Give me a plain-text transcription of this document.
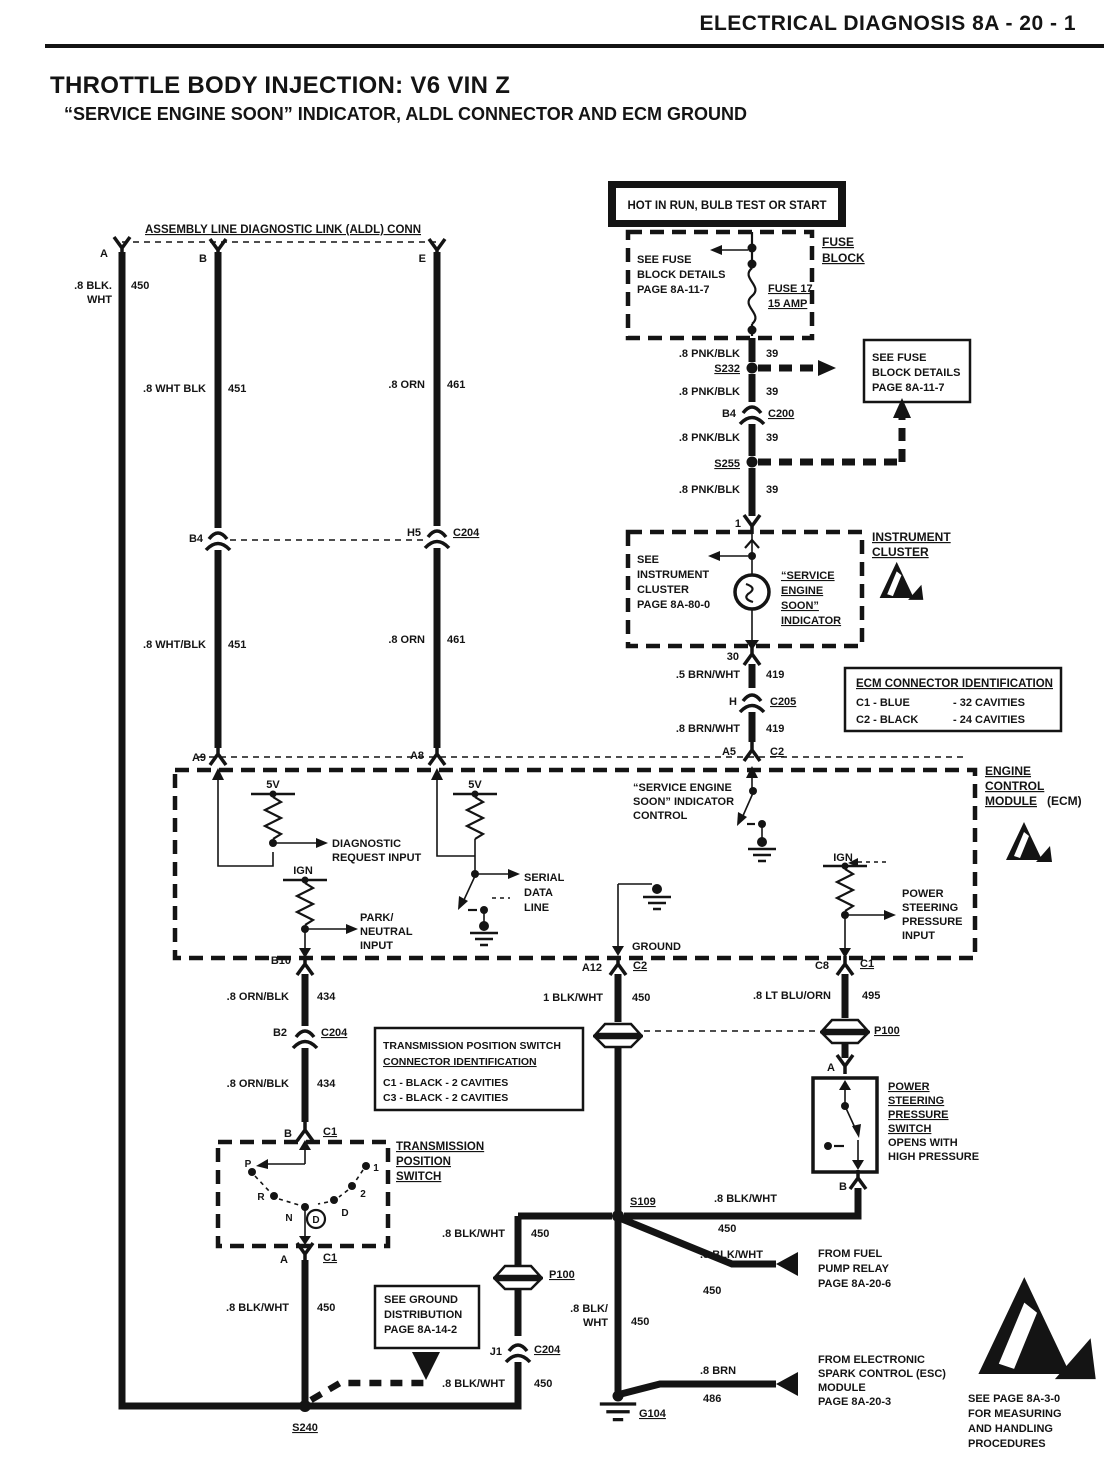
ELECTRICAL DIAGNOSIS 8A - 20 - 1
THROTTLE BODY INJECTION: V6 VIN Z
“SERVICE ENGINE SOON” INDICATOR, ALDL CONNECTOR AND ECM GROUND
HOT IN RUN, BULB TEST OR START
ASSEMBLY LINE DIAGNOSTIC LINK (ALDL) CONN
A
.8 BLK. WHT
450
B
.8 WHT BLK 451
E
.8 ORN 461
B4	H5	C204
.8 WHT/BLK 451	.8 ORN 461
SEE FUSE BLOCK DETAILS PAGE 8A-11-7
FUSE BLOCK
FUSE 17 15 AMP
.8 PNK/BLK 39
S232
.8 PNK/BLK 39
B4	C200
.8 PNK/BLK 39
S255
.8 PNK/BLK 39
SEE FUSE BLOCK DETAILS PAGE 8A-11-7
1
SEE INSTRUMENT CLUSTER PAGE 8A-80-0
“SERVICE ENGINE SOON” INDICATOR
INSTRUMENT CLUSTER
30
.5 BRN/WHT 419
H	C205
.8 BRN/WHT 419
A5	C2
ECM CONNECTOR IDENTIFICATION
C1 - BLUE	- 32 CAVITIES
C2 - BLACK	- 24 CAVITIES
A9	A8
“SERVICE ENGINE SOON” INDICATOR CONTROL
ENGINE CONTROL MODULE (ECM)
5V
DIAGNOSTIC REQUEST INPUT
IGN
PARK/ NEUTRAL INPUT
5V
SERIAL DATA LINE
GROUND
IGN
POWER STEERING PRESSURE INPUT
B10
.8 ORN/BLK	434
B2	C204
.8 ORN/BLK	434
A12	C2
1 BLK/WHT	450
C8	C1
.8 LT BLU/ORN	495
P100
TRANSMISSION POSITION SWITCH
CONNECTOR IDENTIFICATION
C1 - BLACK - 2 CAVITIES
C3 - BLACK - 2 CAVITIES
B	C1
TRANSMISSION POSITION SWITCH
P
R
N	D
2
1
D
A	C1
.8 BLK/WHT	450
POWER STEERING PRESSURE SWITCH
OPENS WITH HIGH PRESSURE
A
B
S109	.8 BLK/WHT
450
.8 BLK/WHT
450
FROM FUEL PUMP RELAY PAGE 8A-20-6
.8 BLK/WHT 450
P100
SEE GROUND DISTRIBUTION PAGE 8A-14-2
J1	C204
.8 BLK/WHT	450
.8 BLK/ WHT 450
S240
G104
.8 BRN
486
FROM ELECTRONIC SPARK CONTROL (ESC) MODULE PAGE 8A-20-3	SEE PAGE 8A-3-0 FOR MEASURING AND HANDLING PROCEDURES
